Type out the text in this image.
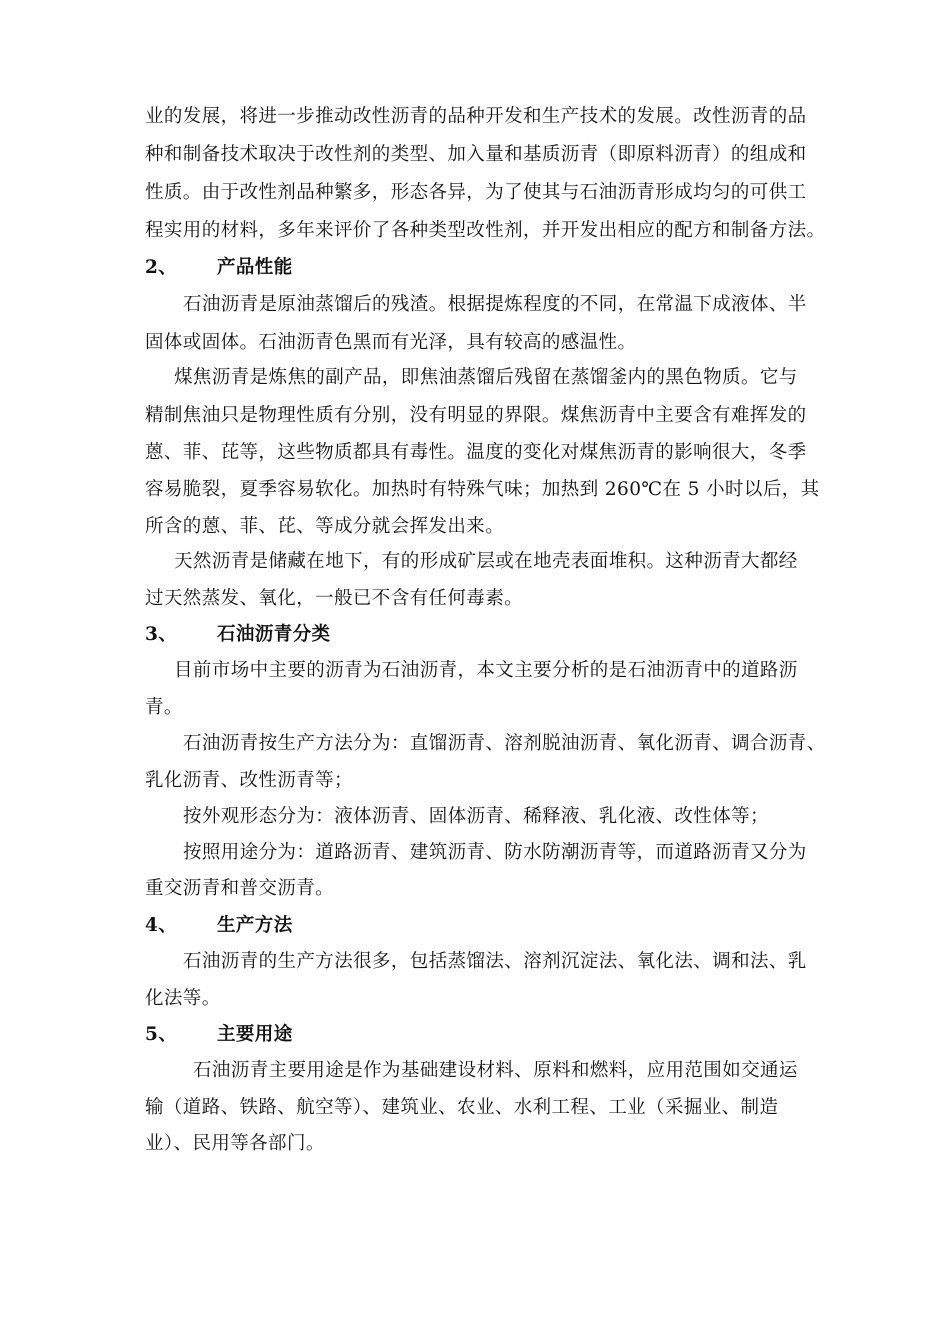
业的发展，将进一步推动改性沥青的品种开发和生产技术的发展。改性沥青的品
种和制备技术取决于改性剂的类型、加入量和基质沥青（即原料沥青）的组成和
性质。由于改性剂品种繁多，形态各异，为了使其与石油沥青形成均匀的可供工
程实用的材料，多年来评价了各种类型改性剂，并开发出相应的配方和制备方法。
2、 产品性能
石油沥青是原油蒸馏后的残渣。根据提炼程度的不同，在常温下成液体、半
固体或固体。石油沥青色黑而有光泽，具有较高的感温性。
煤焦沥青是炼焦的副产品，即焦油蒸馏后残留在蒸馏釜内的黑色物质。它与
精制焦油只是物理性质有分别，没有明显的界限。煤焦沥青中主要含有难挥发的
蒽、菲、芘等，这些物质都具有毒性。温度的变化对煤焦沥青的影响很大，冬季
容易脆裂，夏季容易软化。加热时有特殊气味；加热到 260℃在 5 小时以后，其
所含的蒽、菲、芘、等成分就会挥发出来。
天然沥青是储藏在地下，有的形成矿层或在地壳表面堆积。这种沥青大都经
过天然蒸发、氧化，一般已不含有任何毒素。
3、 石油沥青分类
目前市场中主要的沥青为石油沥青，本文主要分析的是石油沥青中的道路沥
青。
石油沥青按生产方法分为：直馏沥青、溶剂脱油沥青、氧化沥青、调合沥青、
乳化沥青、改性沥青等；
按外观形态分为：液体沥青、固体沥青、稀释液、乳化液、改性体等；
按照用途分为：道路沥青、建筑沥青、防水防潮沥青等，而道路沥青又分为
重交沥青和普交沥青。
4、 生产方法
石油沥青的生产方法很多，包括蒸馏法、溶剂沉淀法、氧化法、调和法、乳
化法等。
5、 主要用途
石油沥青主要用途是作为基础建设材料、原料和燃料，应用范围如交通运
输（道路、铁路、航空等）、建筑业、农业、水利工程、工业（采掘业、制造
业）、民用等各部门。
